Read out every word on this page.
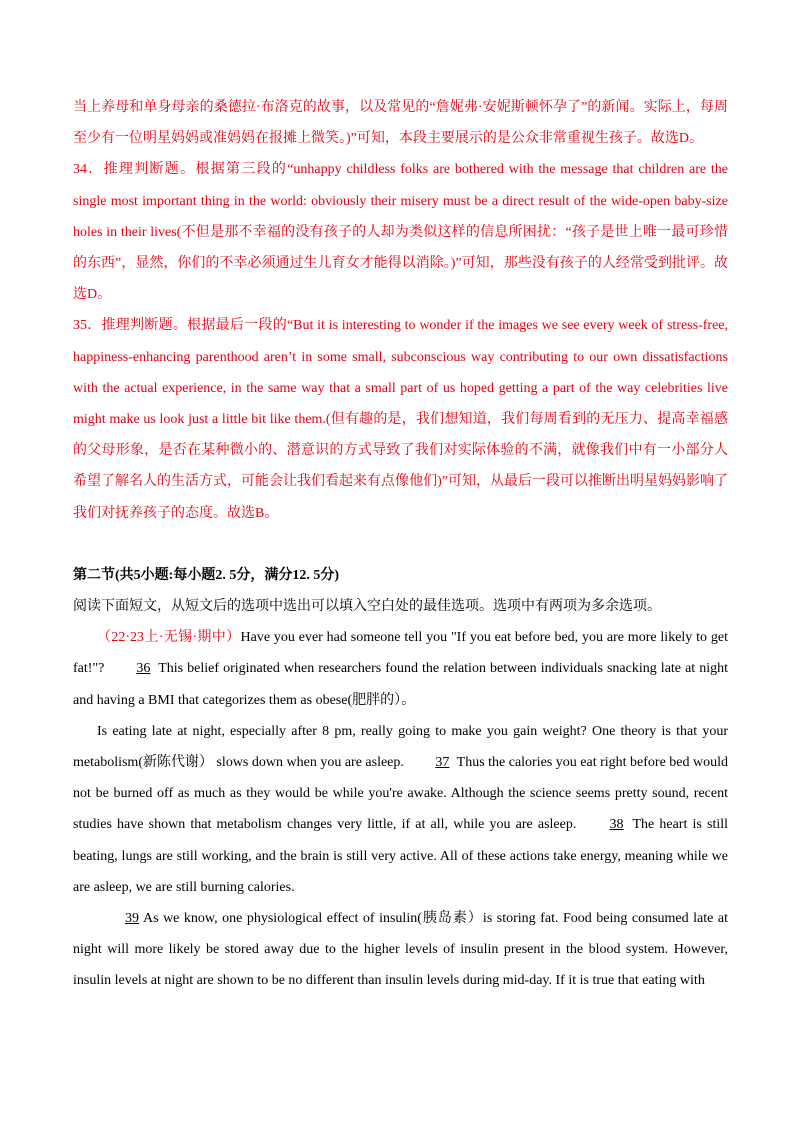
当上养母和单身母亲的桑德拉·布洛克的故事，以及常见的“詹妮弗·安妮斯顿怀孕了”的新闻。实际上，每周至少有一位明星妈妈或准妈妈在报摊上微笑。)”可知，本段主要展示的是公众非常重视生孩子。故选D。

34．推理判断题。根据第三段的“unhappy childless folks are bothered with the message that children are the single most important thing in the world: obviously their misery must be a direct result of the wide-open baby-size holes in their lives(不但是那不幸福的没有孩子的人却为类似这样的信息所困扰：“孩子是世上唯一最可珍惜的东西”，显然，你们的不幸必须通过生儿育女才能得以消除。)”可知，那些没有孩子的人经常受到批评。故选D。

35．推理判断题。根据最后一段的“But it is interesting to wonder if the images we see every week of stress-free, happiness-enhancing parenthood aren’t in some small, subconscious way contributing to our own dissatisfactions with the actual experience, in the same way that a small part of us hoped getting a part of the way celebrities live might make us look just a little bit like them.(但有趣的是，我们想知道，我们每周看到的无压力、提高幸福感的父母形象，是否在某种微小的、潜意识的方式导致了我们对实际体验的不满，就像我们中有一小部分人希望了解名人的生活方式，可能会让我们看起来有点像他们)”可知，从最后一段可以推断出明星妈妈影响了我们对抚养孩子的态度。故选B。

第二节(共5小题:每小题2. 5分，满分12. 5分)

阅读下面短文，从短文后的选项中选出可以填入空白处的最佳选项。选项中有两项为多余选项。

（22·23上·无锡·期中）Have you ever had someone tell you "If you eat before bed, you are more likely to get fat!"? 36 This belief originated when researchers found the relation between individuals snacking late at night and having a BMI that categorizes them as obese(肥胖的）。

Is eating late at night, especially after 8 pm, really going to make you gain weight? One theory is that your metabolism(新陈代谢） slows down when you are asleep. 37 Thus the calories you eat right before bed would not be burned off as much as they would be while you're awake. Although the science seems pretty sound, recent studies have shown that metabolism changes very little, if at all, while you are asleep. 38 The heart is still beating, lungs are still working, and the brain is still very active. All of these actions take energy, meaning while we are asleep, we are still burning calories.

39 As we know, one physiological effect of insulin(胰岛素）is storing fat. Food being consumed late at night will more likely be stored away due to the higher levels of insulin present in the blood system. However, insulin levels at night are shown to be no different than insulin levels during mid-day. If it is true that eating with
